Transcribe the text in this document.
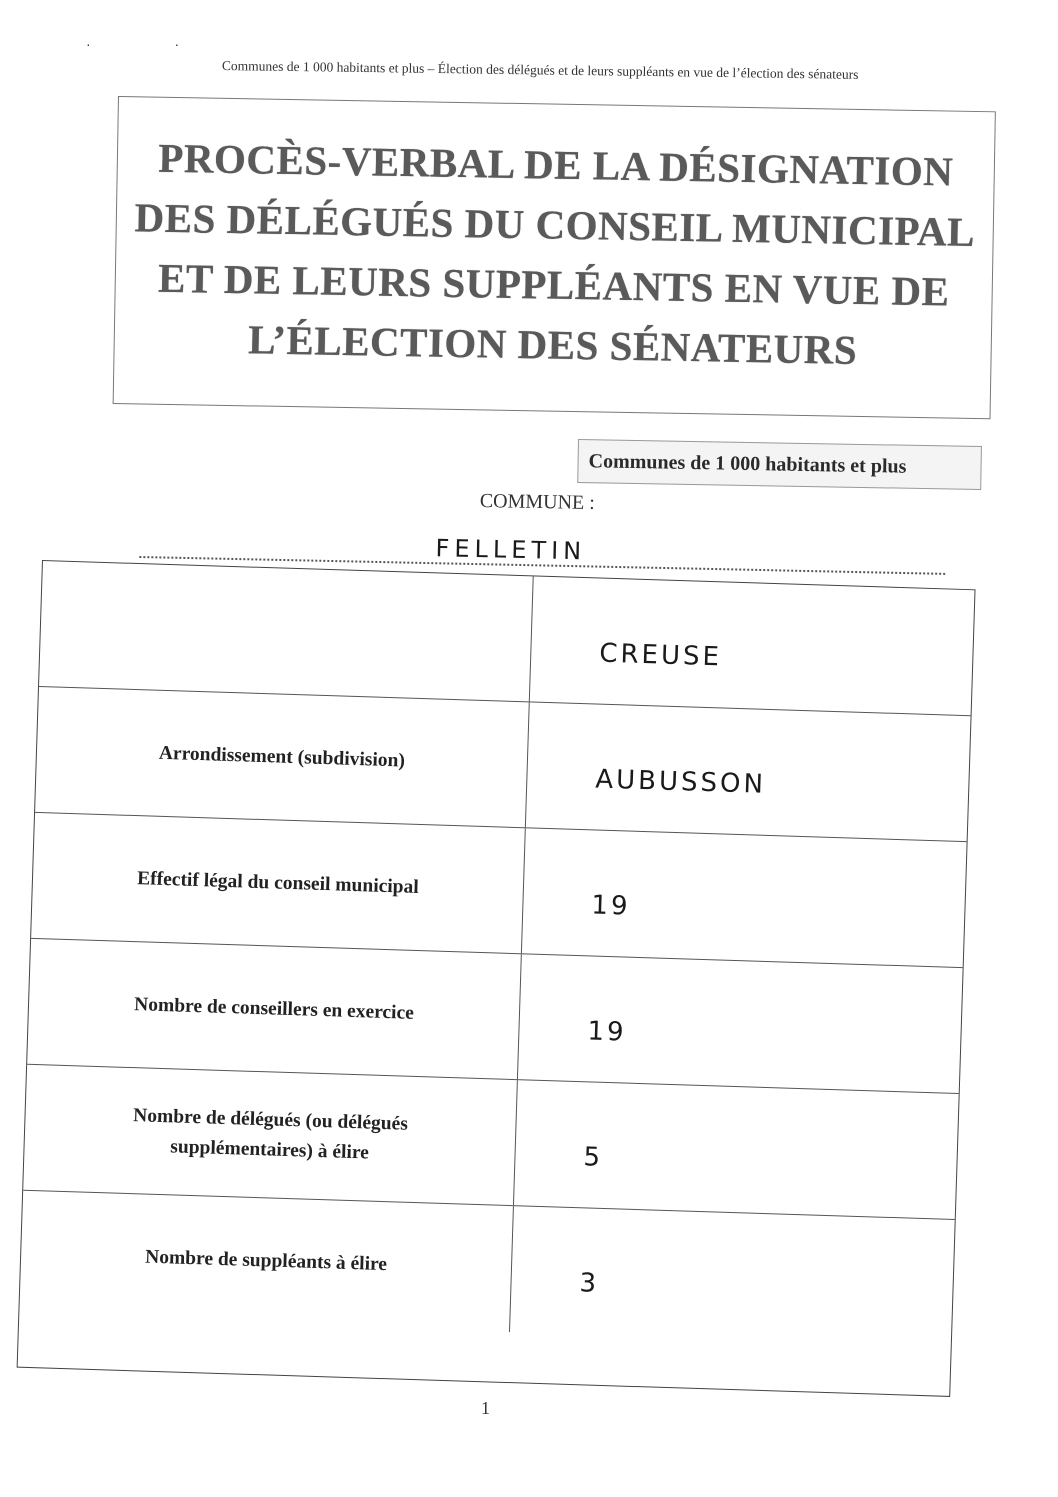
· ·
Communes de 1 000 habitants et plus – Élection des délégués et de leurs suppléants en vue de l’élection des sénateurs
PROCÈS-VERBAL DE LA DÉSIGNATION
DES DÉLÉGUÉS DU CONSEIL MUNICIPAL
ET DE LEURS SUPPLÉANTS EN VUE DE
L’ÉLECTION DES SÉNATEURS
Communes de 1 000 habitants et plus
COMMUNE :
FELLETIN
CREUSE
Arrondissement (subdivision)
AUBUSSON
Effectif légal du conseil municipal
19
Nombre de conseillers en exercice
19
Nombre de délégués (ou délégués supplémentaires) à élire	5
Nombre de suppléants à élire
3
1
